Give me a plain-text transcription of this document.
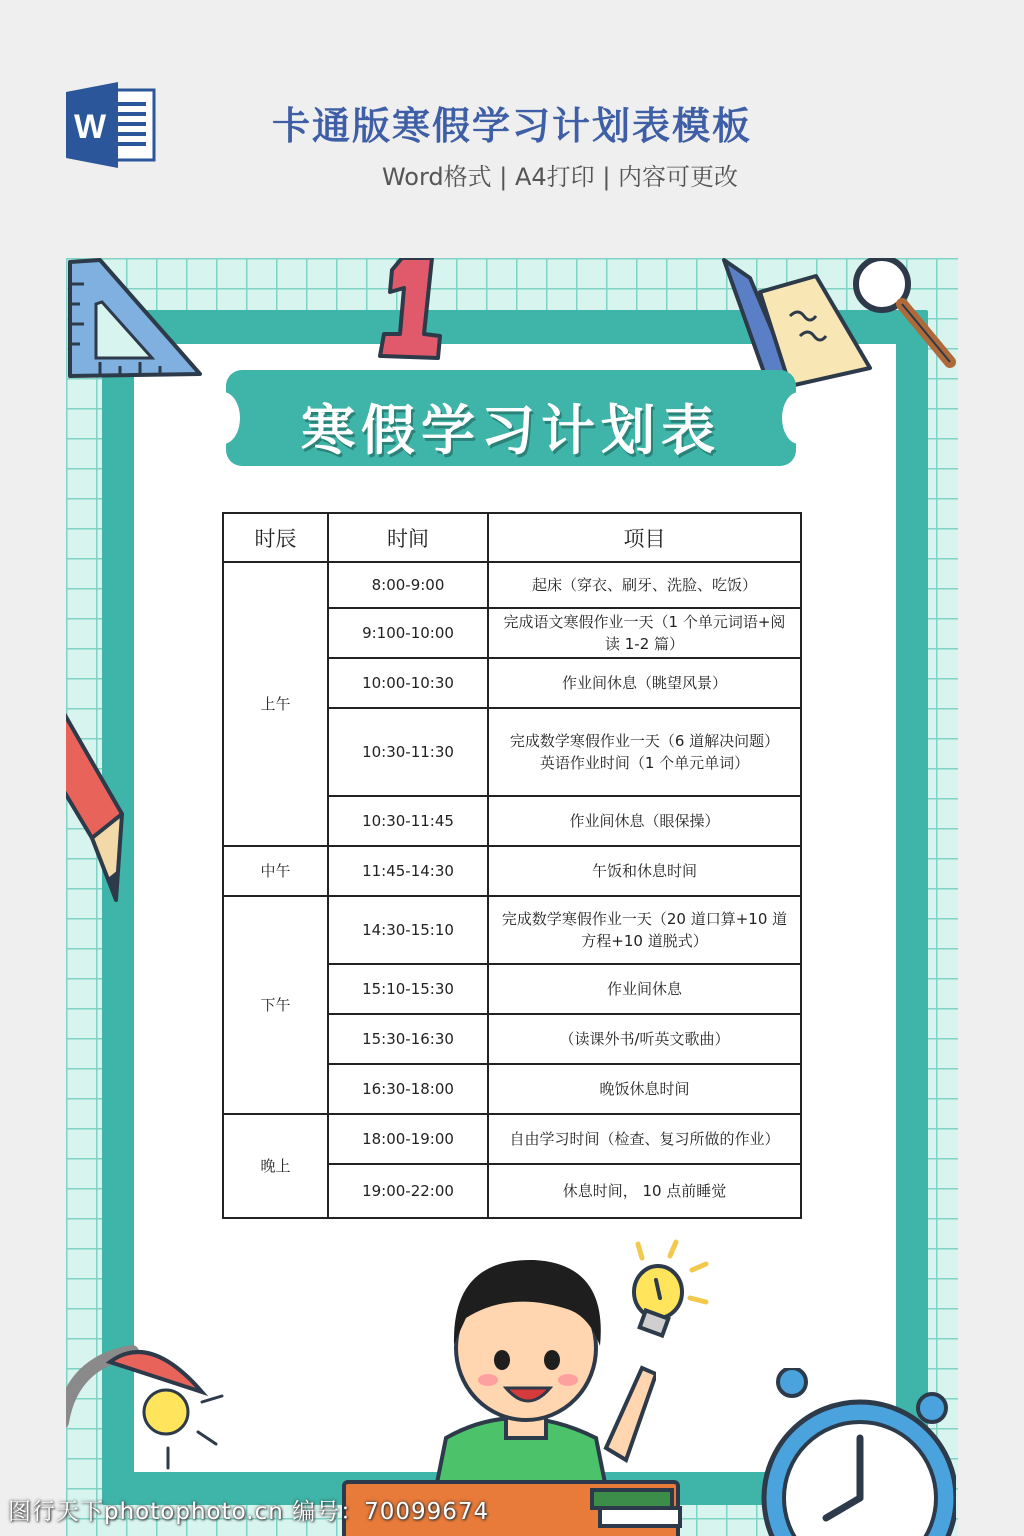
W	卡通版寒假学习计划表模板
Word格式 | A4打印 | 内容可更改
寒假学习计划表
时辰	时间	项目
上午	8:00-9:00	起床（穿衣、刷牙、洗脸、吃饭）
	9:100-10:00	完成语文寒假作业一天（1 个单元词语+阅读 1-2 篇）
	10:00-10:30	作业间休息（眺望风景）
	10:30-11:30	完成数学寒假作业一天（6 道解决问题）
英语作业时间（1 个单元单词）
	10:30-11:45	作业间休息（眼保操）
中午	11:45-14:30	午饭和休息时间
下午	14:30-15:10	完成数学寒假作业一天（20 道口算+10 道方程+10 道脱式）
	15:10-15:30	作业间休息
	15:30-16:30	（读课外书/听英文歌曲）
	16:30-18:00	晚饭休息时间
晚上	18:00-19:00	自由学习时间（检查、复习所做的作业）
	19:00-22:00	休息时间， 10 点前睡觉
图行天下photophoto.cn 编号：70099674
